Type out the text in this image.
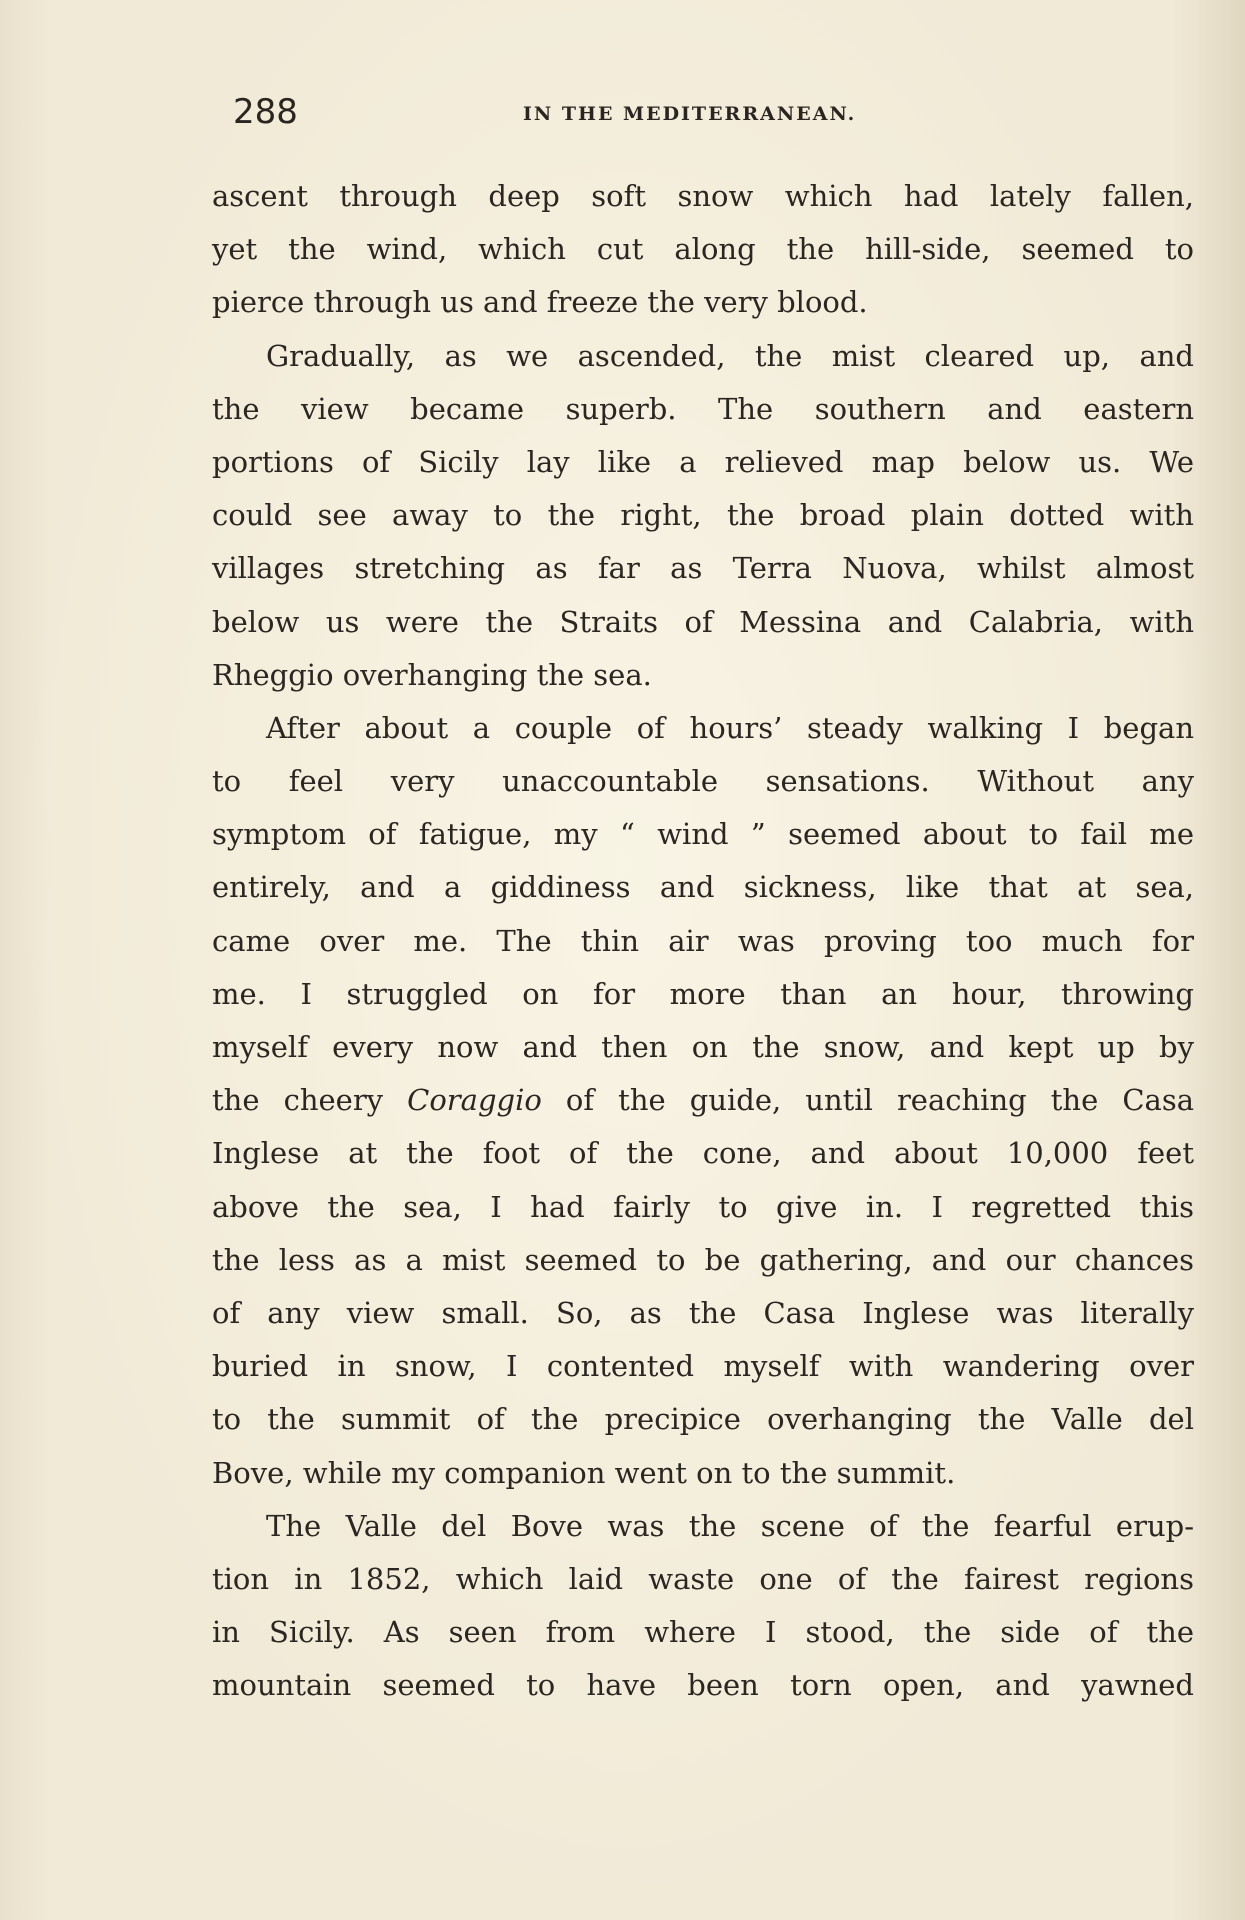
288	IN THE MEDITERRANEAN.
ascent through deep soft snow which had lately fallen,
yet the wind, which cut along the hill-side, seemed to
pierce through us and freeze the very blood.
Gradually, as we ascended, the mist cleared up, and
the view became superb. The southern and eastern
portions of Sicily lay like a relieved map below us. We
could see away to the right, the broad plain dotted with
villages stretching as far as Terra Nuova, whilst almost
below us were the Straits of Messina and Calabria, with
Rheggio overhanging the sea.
After about a couple of hours’ steady walking I began
to feel very unaccountable sensations. Without any
symptom of fatigue, my “ wind ” seemed about to fail me
entirely, and a giddiness and sickness, like that at sea,
came over me. The thin air was proving too much for
me. I struggled on for more than an hour, throwing
myself every now and then on the snow, and kept up by
the cheery Coraggio of the guide, until reaching the Casa
Inglese at the foot of the cone, and about 10,000 feet
above the sea, I had fairly to give in. I regretted this
the less as a mist seemed to be gathering, and our chances
of any view small. So, as the Casa Inglese was literally
buried in snow, I contented myself with wandering over
to the summit of the precipice overhanging the Valle del
Bove, while my companion went on to the summit.
The Valle del Bove was the scene of the fearful erup-
tion in 1852, which laid waste one of the fairest regions
in Sicily. As seen from where I stood, the side of the
mountain seemed to have been torn open, and yawned
